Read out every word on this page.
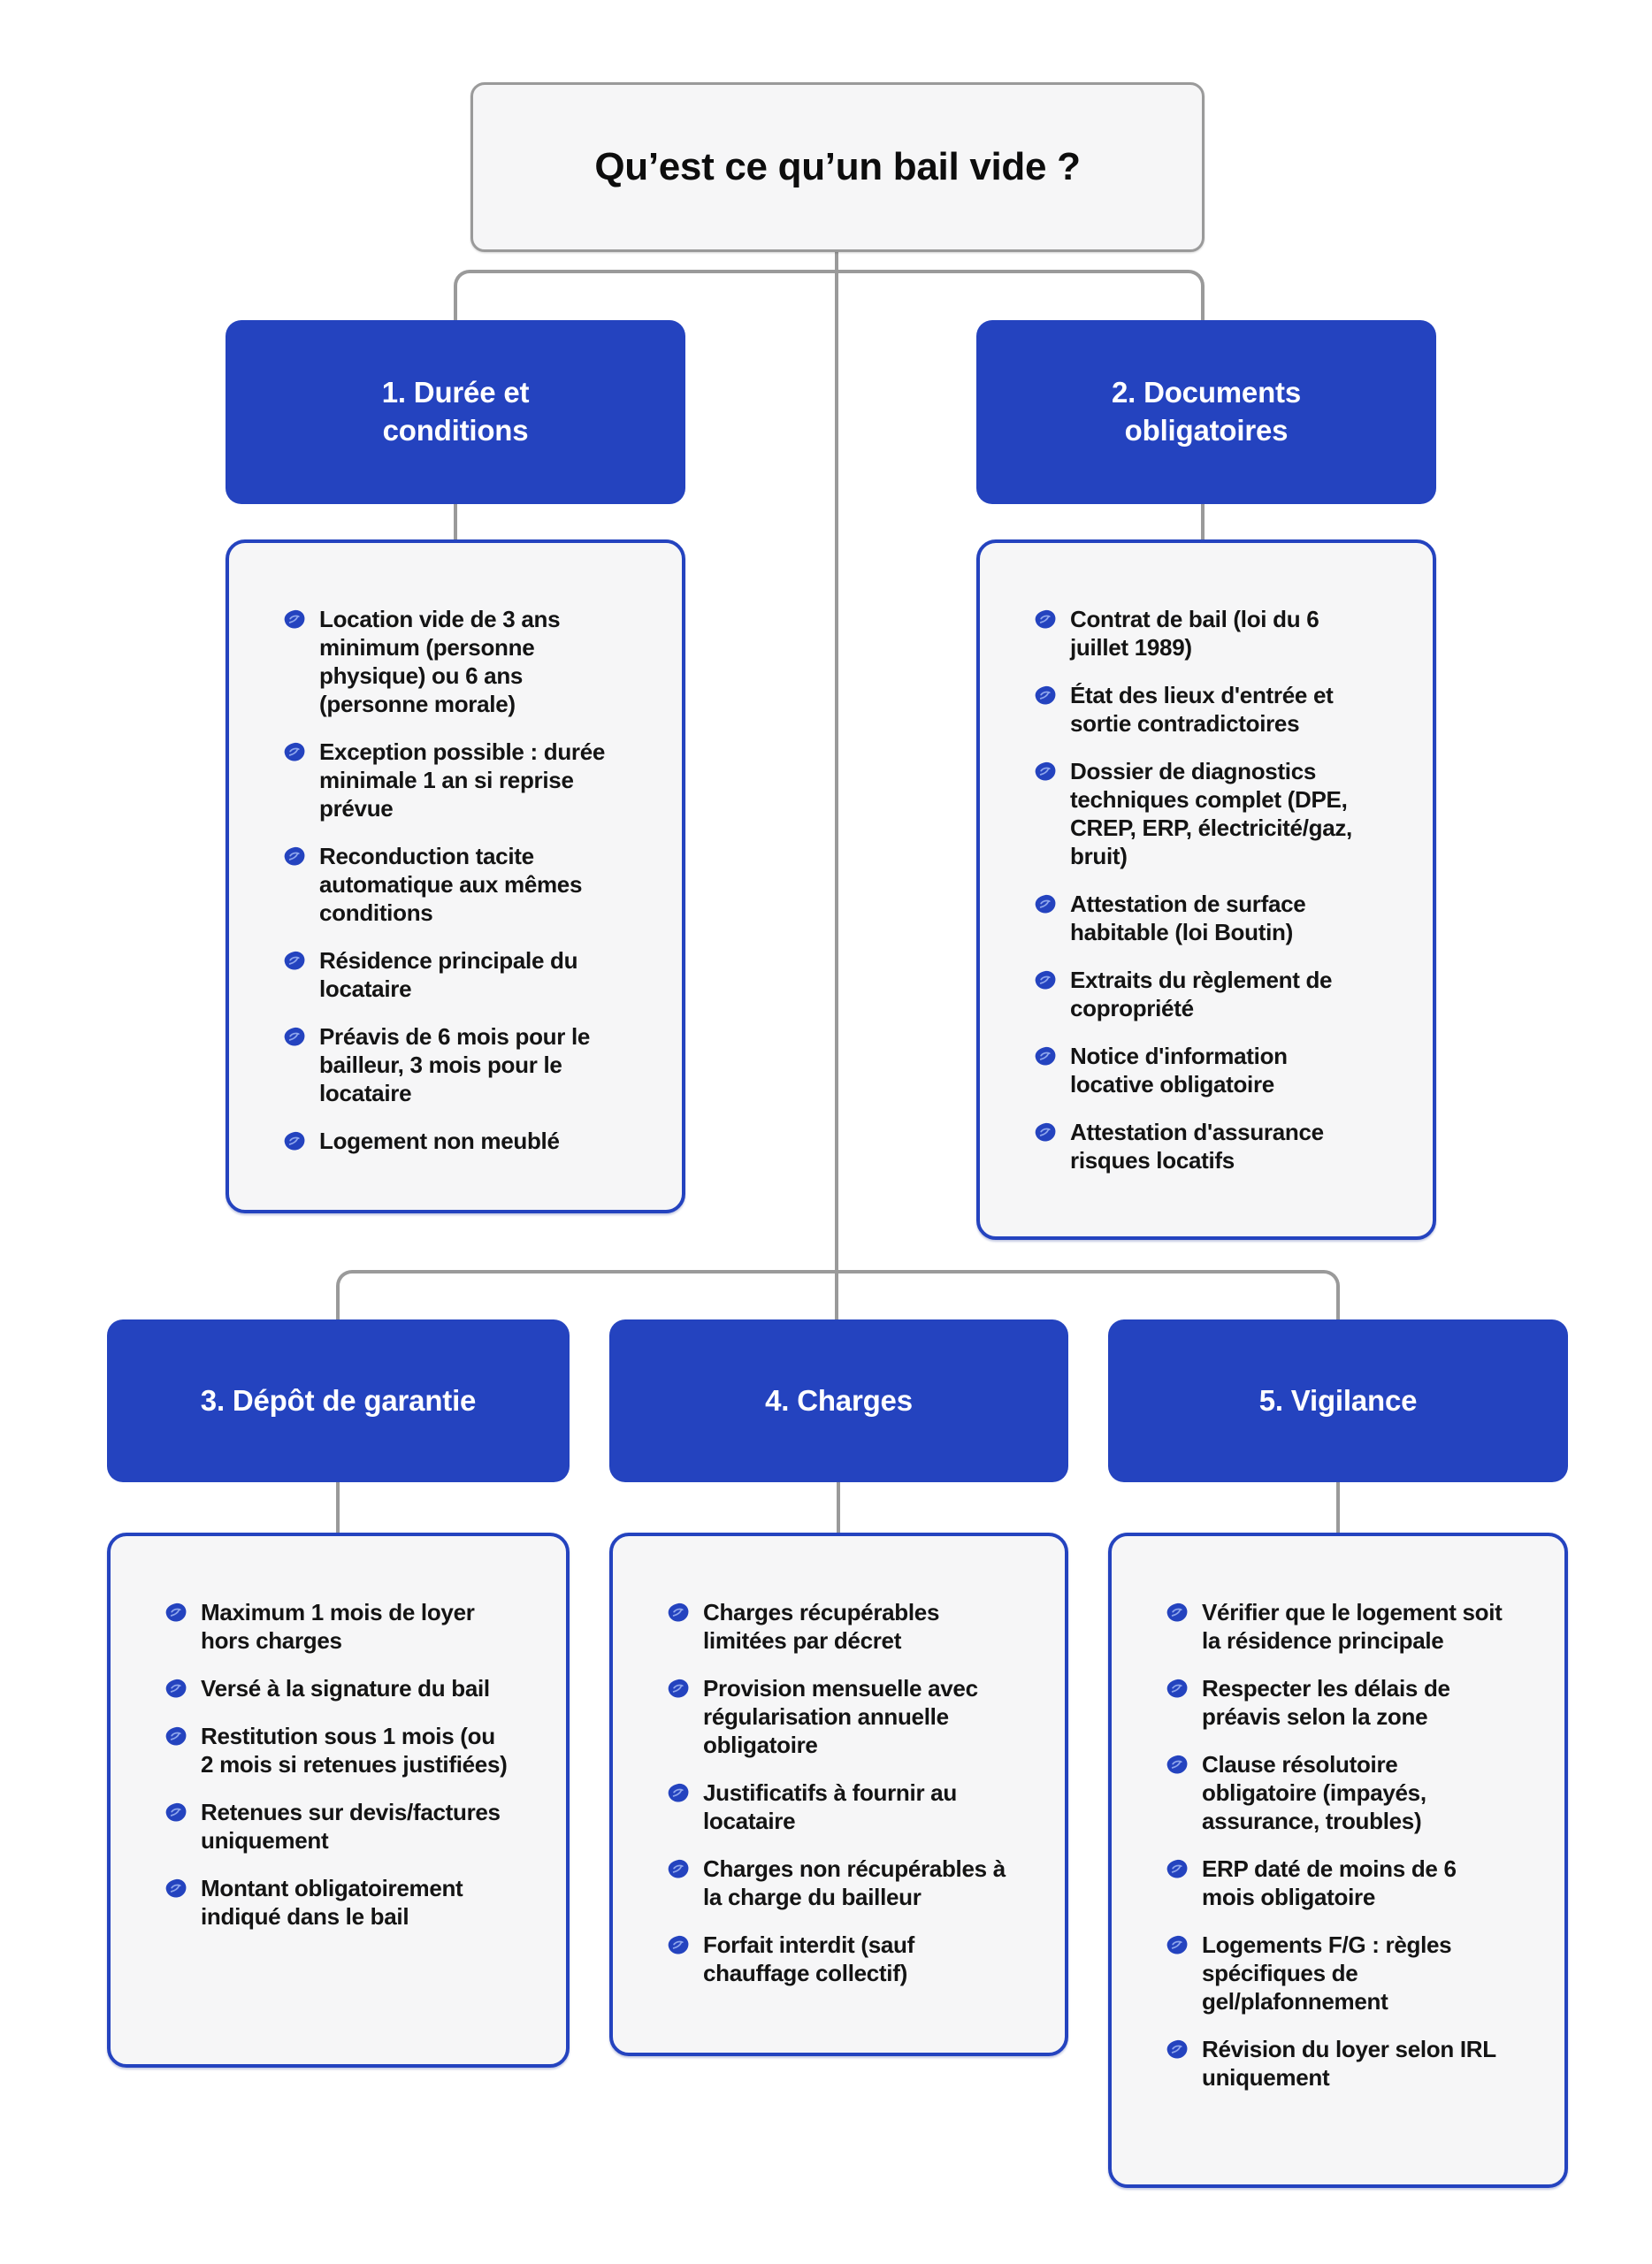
Qu’est ce qu’un bail vide ?
1. Durée et conditions
2. Documents obligatoires
3. Dépôt de garantie	4. Charges	5. Vigilance
Location vide de 3 ans minimum (personne physique) ou 6 ans (personne morale)
Exception possible : durée minimale 1 an si reprise prévue
Reconduction tacite automatique aux mêmes conditions
Résidence principale du locataire
Préavis de 6 mois pour le bailleur, 3 mois pour le locataire
Logement non meublé
Contrat de bail (loi du 6 juillet 1989)
État des lieux d'entrée et sortie contradictoires
Dossier de diagnostics techniques complet (DPE, CREP, ERP, électricité/gaz, bruit)
Attestation de surface habitable (loi Boutin)
Extraits du règlement de copropriété
Notice d'information locative obligatoire
Attestation d'assurance risques locatifs
Maximum 1 mois de loyer hors charges
Versé à la signature du bail
Restitution sous 1 mois (ou 2 mois si retenues justifiées)
Retenues sur devis/factures uniquement
Montant obligatoirement indiqué dans le bail
Charges récupérables limitées par décret
Provision mensuelle avec régularisation annuelle obligatoire
Justificatifs à fournir au locataire
Charges non récupérables à la charge du bailleur
Forfait interdit (sauf chauffage collectif)
Vérifier que le logement soit la résidence principale
Respecter les délais de préavis selon la zone
Clause résolutoire obligatoire (impayés, assurance, troubles)
ERP daté de moins de 6 mois obligatoire
Logements F/G : règles spécifiques de gel/plafonnement
Révision du loyer selon IRL uniquement
